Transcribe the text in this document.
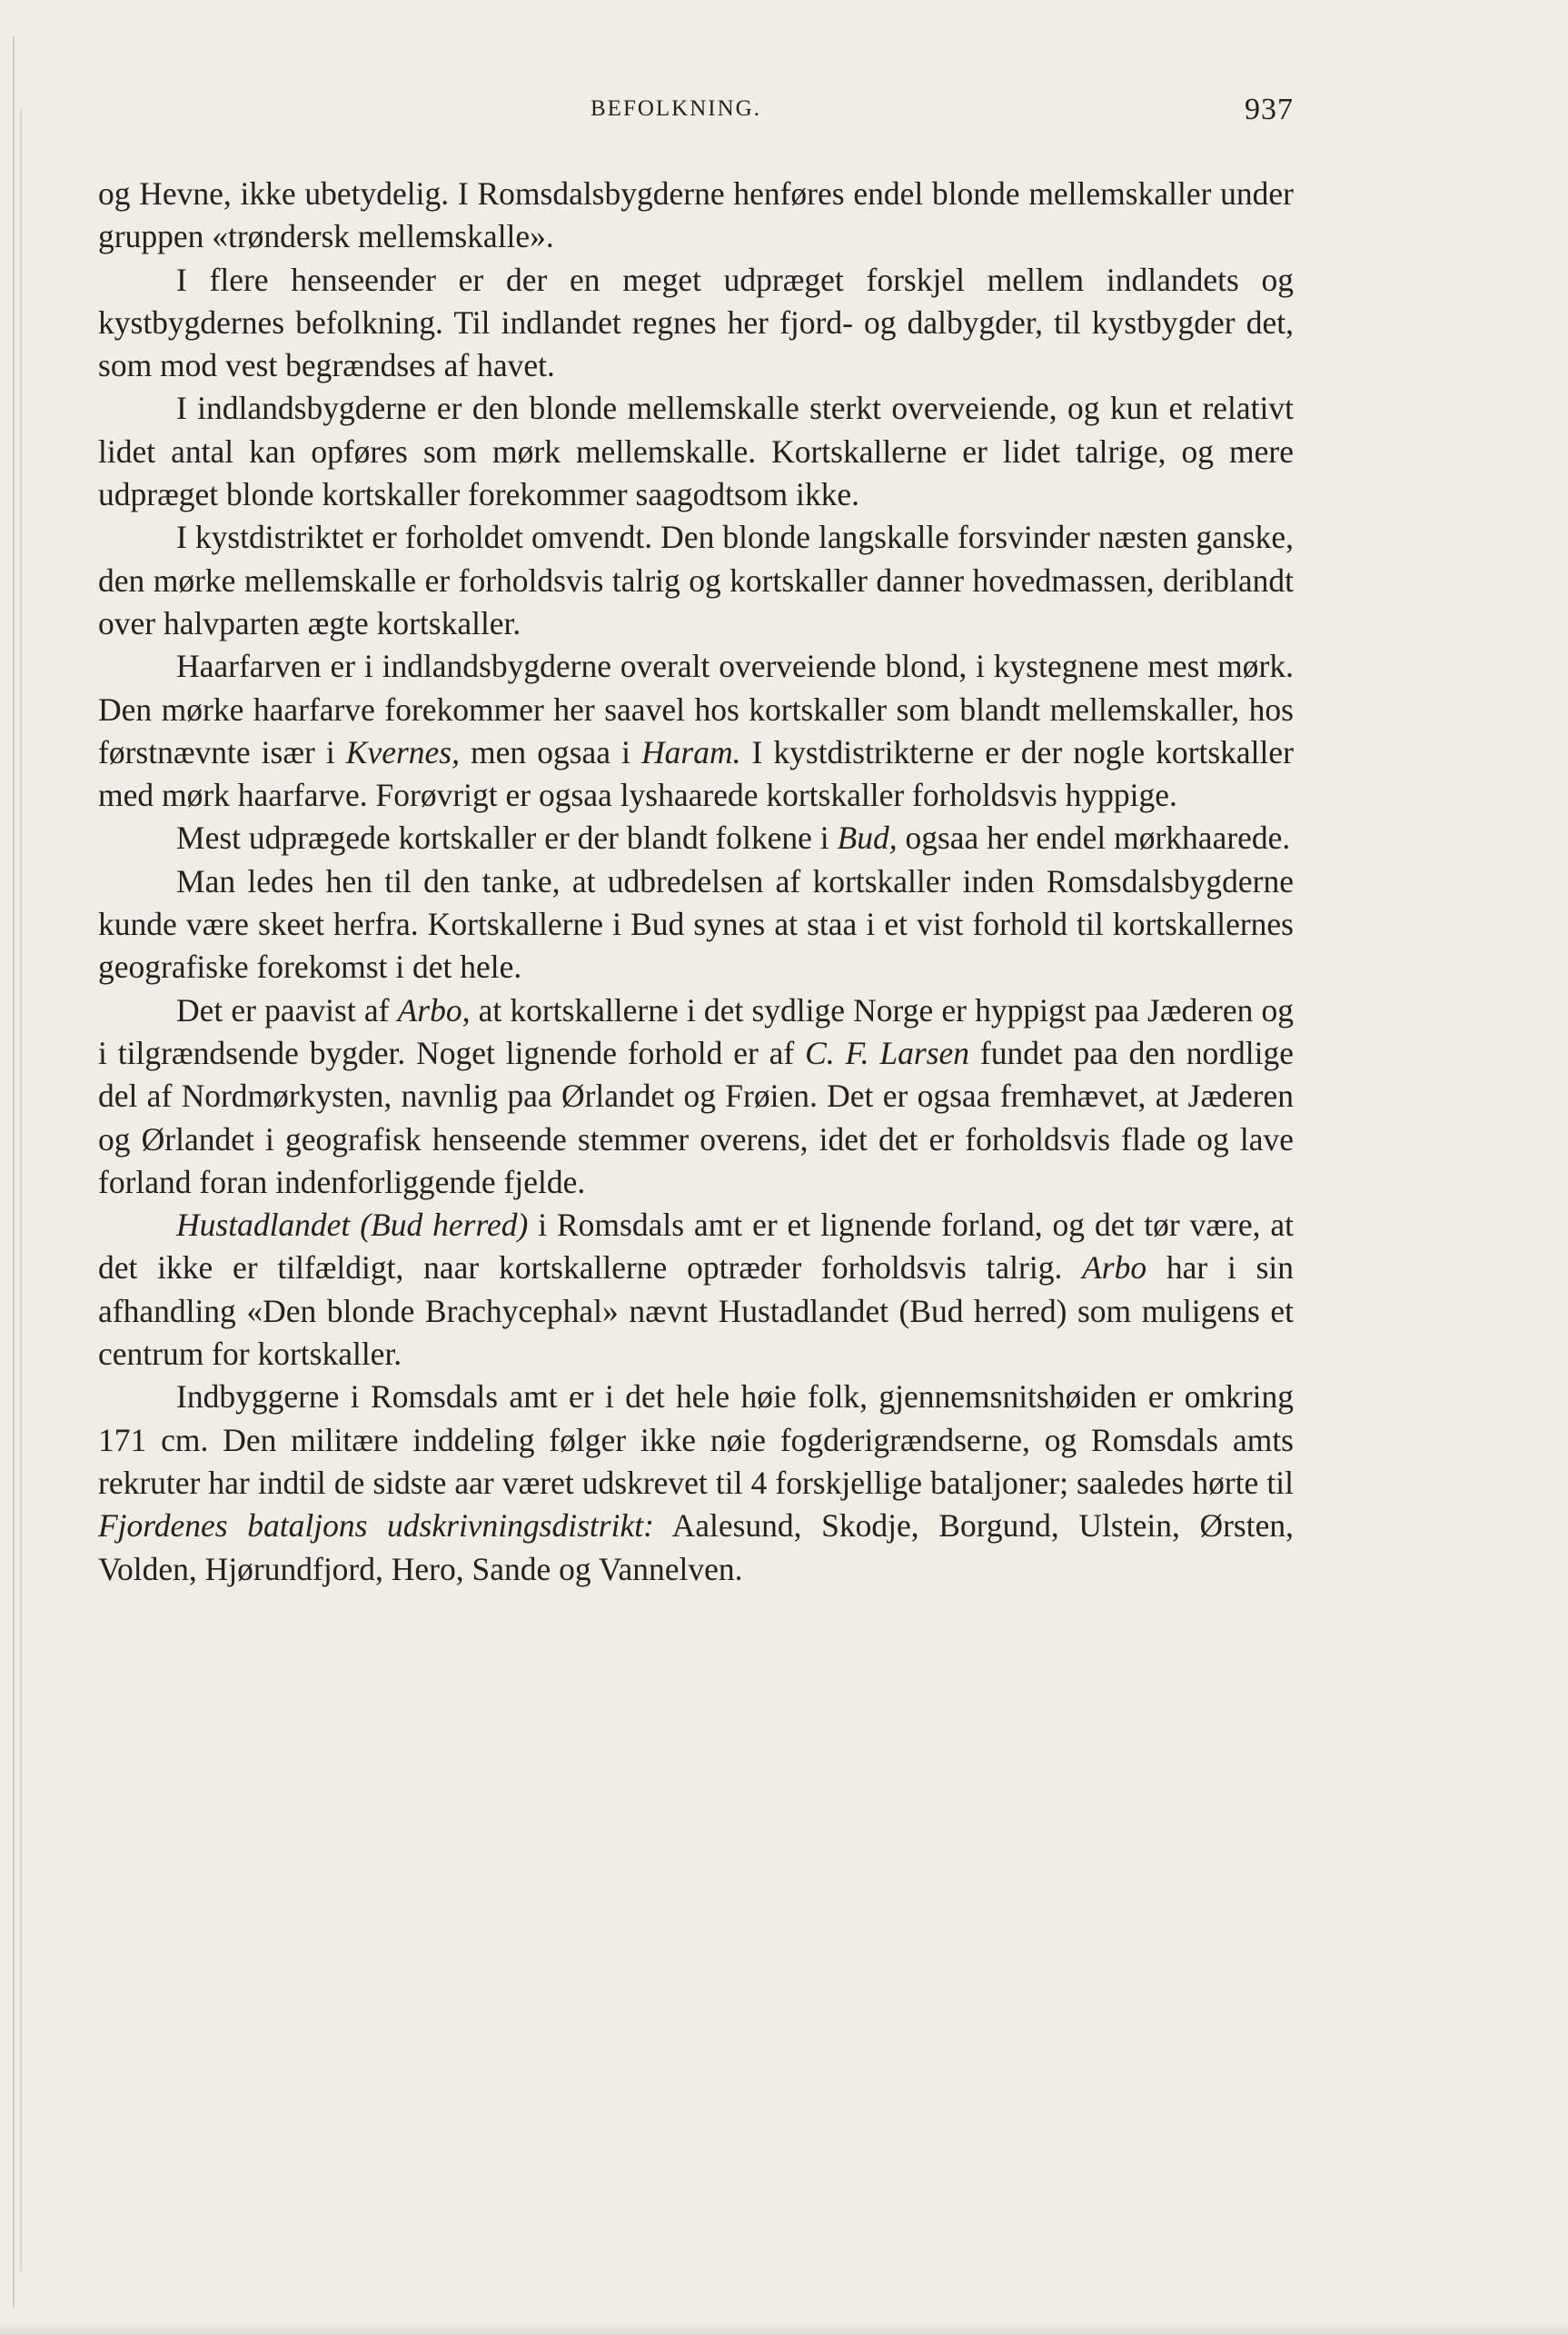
BEFOLKNING.	937

og Hevne, ikke ubetydelig. I Romsdalsbygderne henføres endel blonde mellemskaller under gruppen «trøndersk mellemskalle».

I flere henseender er der en meget udpræget forskjel mellem indlandets og kystbygdernes befolkning. Til indlandet regnes her fjord- og dalbygder, til kystbygder det, som mod vest begrændses af havet.

I indlandsbygderne er den blonde mellemskalle sterkt overveiende, og kun et relativt lidet antal kan opføres som mørk mellemskalle. Kortskallerne er lidet talrige, og mere udpræget blonde kortskaller forekommer saagodtsom ikke.

I kystdistriktet er forholdet omvendt. Den blonde langskalle forsvinder næsten ganske, den mørke mellemskalle er forholdsvis talrig og kortskaller danner hovedmassen, deriblandt over halvparten ægte kortskaller.

Haarfarven er i indlandsbygderne overalt overveiende blond, i kystegnene mest mørk. Den mørke haarfarve forekommer her saavel hos kortskaller som blandt mellemskaller, hos førstnævnte især i Kvernes, men ogsaa i Haram. I kystdistrikterne er der nogle kortskaller med mørk haarfarve. Forøvrigt er ogsaa lyshaarede kortskaller forholdsvis hyppige.

Mest udprægede kortskaller er der blandt folkene i Bud, ogsaa her endel mørkhaarede.

Man ledes hen til den tanke, at udbredelsen af kortskaller inden Romsdalsbygderne kunde være skeet herfra. Kortskallerne i Bud synes at staa i et vist forhold til kortskallernes geografiske forekomst i det hele.

Det er paavist af Arbo, at kortskallerne i det sydlige Norge er hyppigst paa Jæderen og i tilgrændsende bygder. Noget lignende forhold er af C. F. Larsen fundet paa den nordlige del af Nordmørkysten, navnlig paa Ørlandet og Frøien. Det er ogsaa fremhævet, at Jæderen og Ørlandet i geografisk henseende stemmer overens, idet det er forholdsvis flade og lave forland foran indenforliggende fjelde.

Hustadlandet (Bud herred) i Romsdals amt er et lignende forland, og det tør være, at det ikke er tilfældigt, naar kortskallerne optræder forholdsvis talrig. Arbo har i sin afhandling «Den blonde Brachycephal» nævnt Hustadlandet (Bud herred) som muligens et centrum for kortskaller.

Indbyggerne i Romsdals amt er i det hele høie folk, gjennemsnitshøiden er omkring 171 cm. Den militære inddeling følger ikke nøie fogderigrændserne, og Romsdals amts rekruter har indtil de sidste aar været udskrevet til 4 forskjellige bataljoner; saaledes hørte til Fjordenes bataljons udskrivningsdistrikt: Aalesund, Skodje, Borgund, Ulstein, Ørsten, Volden, Hjørundfjord, Hero, Sande og Vannelven.
